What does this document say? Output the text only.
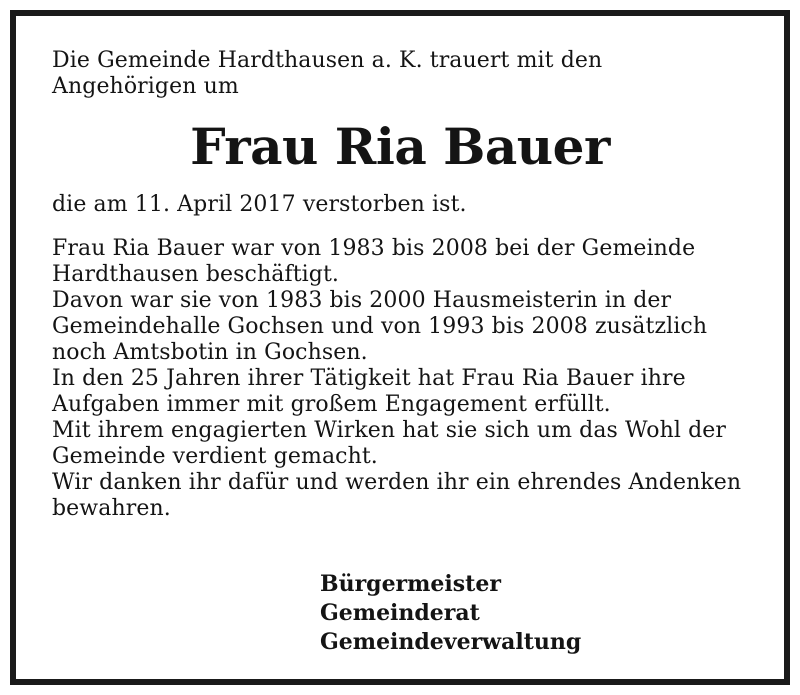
Die Gemeinde Hardthausen a. K. trauert mit den
Angehörigen um
Frau Ria Bauer
die am 11. April 2017 verstorben ist.
Frau Ria Bauer war von 1983 bis 2008 bei der Gemeinde
Hardthausen beschäftigt.
Davon war sie von 1983 bis 2000 Hausmeisterin in der
Gemeindehalle Gochsen und von 1993 bis 2008 zusätzlich
noch Amtsbotin in Gochsen.
In den 25 Jahren ihrer Tätigkeit hat Frau Ria Bauer ihre
Aufgaben immer mit großem Engagement erfüllt.
Mit ihrem engagierten Wirken hat sie sich um das Wohl der
Gemeinde verdient gemacht.
Wir danken ihr dafür und werden ihr ein ehrendes Andenken
bewahren.
Bürgermeister
Gemeinderat
Gemeindeverwaltung
